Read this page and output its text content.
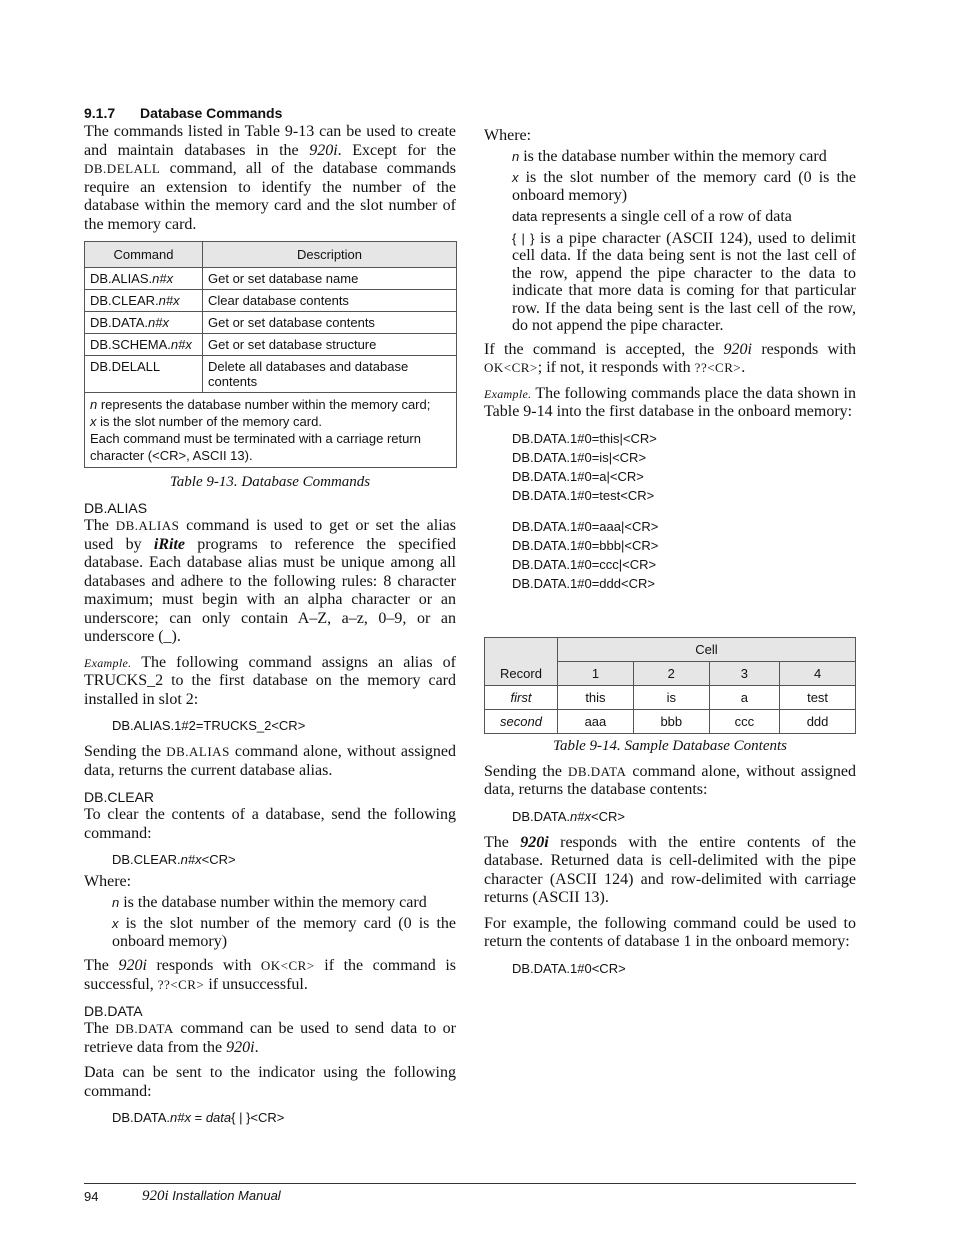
9.1.7 Database Commands

The commands listed in Table 9-13 can be used to create and maintain databases in the 920i. Except for the DB.DELALL command, all of the database commands require an extension to identify the number of the database within the memory card and the slot number of the memory card.

Command	Description
DB.ALIAS.n#x	Get or set database name
DB.CLEAR.n#x	Clear database contents
DB.DATA.n#x	Get or set database contents
DB.SCHEMA.n#x	Get or set database structure
DB.DELALL	Delete all databases and database contents
n represents the database number within the memory card;
x is the slot number of the memory card.
Each command must be terminated with a carriage return character (<CR>, ASCII 13).	
Table 9-13. Database Commands
DB.ALIAS

The DB.ALIAS command is used to get or set the alias used by iRite programs to reference the specified database. Each database alias must be unique among all databases and adhere to the following rules: 8 character maximum; must begin with an alpha character or an underscore; can only contain A–Z, a–z, 0–9, or an underscore (_).

Example. The following command assigns an alias of TRUCKS_2 to the first database on the memory card installed in slot 2:

DB.ALIAS.1#2=TRUCKS_2<CR>

Sending the DB.ALIAS command alone, without assigned data, returns the current database alias.

DB.CLEAR

To clear the contents of a database, send the following command:

DB.CLEAR.n#x<CR>

Where:

n is the database number within the memory card
x is the slot number of the memory card (0 is the onboard memory)

The 920i responds with OK<CR> if the command is successful, ??<CR> if unsuccessful.

DB.DATA

The DB.DATA command can be used to send data to or retrieve data from the 920i.

Data can be sent to the indicator using the following command:

DB.DATA.n#x = data{ | }<CR>

Where:

n is the database number within the memory card
x is the slot number of the memory card (0 is the onboard memory)
data represents a single cell of a row of data
{ | } is a pipe character (ASCII 124), used to delimit cell data. If the data being sent is not the last cell of the row, append the pipe character to the data to indicate that more data is coming for that particular row. If the data being sent is the last cell of the row, do not append the pipe character.

If the command is accepted, the 920i responds with OK<CR>; if not, it responds with ??<CR>.

Example. The following commands place the data shown in Table 9-14 into the first database in the onboard memory:

DB.DATA.1#0=this|<CR>
DB.DATA.1#0=is|<CR>
DB.DATA.1#0=a|<CR>
DB.DATA.1#0=test<CR>
DB.DATA.1#0=aaa|<CR>
DB.DATA.1#0=bbb|<CR>
DB.DATA.1#0=ccc|<CR>
DB.DATA.1#0=ddd<CR>
Record	Cell			
	1	2	3	4
first	this	is	a	test
second	aaa	bbb	ccc	ddd
Table 9-14. Sample Database Contents

Sending the DB.DATA command alone, without assigned data, returns the database contents:

DB.DATA.n#x<CR>

The 920i responds with the entire contents of the database. Returned data is cell-delimited with the pipe character (ASCII 124) and row-delimited with carriage returns (ASCII 13).

For example, the following command could be used to return the contents of database 1 in the onboard memory:

DB.DATA.1#0<CR>
94	920i Installation Manual
